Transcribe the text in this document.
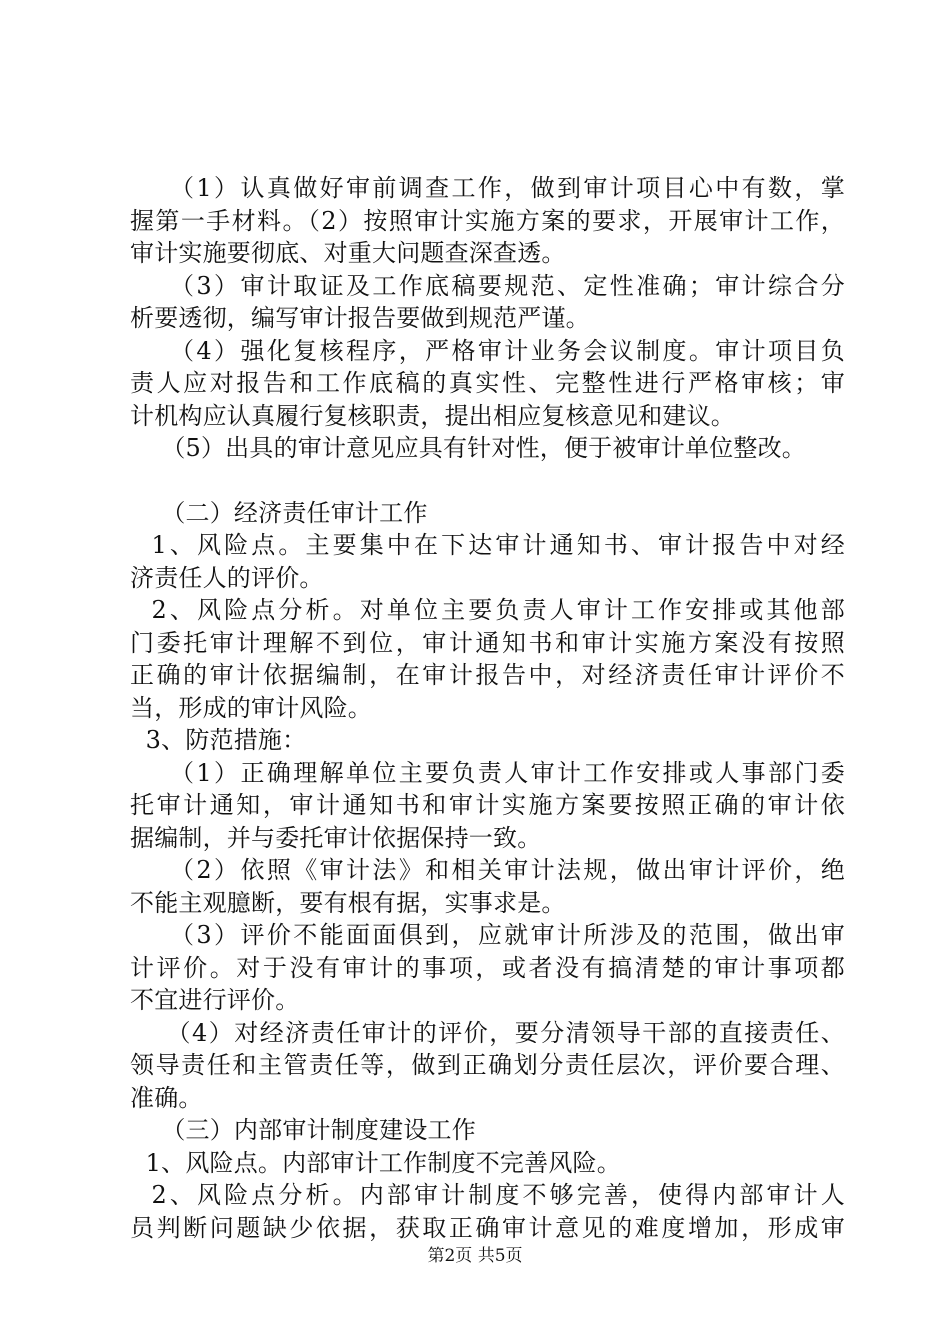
（1）认真做好审前调查工作，做到审计项目心中有数，掌
握第一手材料。（2）按照审计实施方案的要求，开展审计工作，
审计实施要彻底、对重大问题查深查透。
（3）审计取证及工作底稿要规范、定性准确；审计综合分
析要透彻，编写审计报告要做到规范严谨。
（4）强化复核程序，严格审计业务会议制度。审计项目负
责人应对报告和工作底稿的真实性、完整性进行严格审核；审
计机构应认真履行复核职责，提出相应复核意见和建议。
（5）出具的审计意见应具有针对性，便于被审计单位整改。
（二）经济责任审计工作
1、风险点。主要集中在下达审计通知书、审计报告中对经
济责任人的评价。
2、风险点分析。对单位主要负责人审计工作安排或其他部
门委托审计理解不到位，审计通知书和审计实施方案没有按照
正确的审计依据编制，在审计报告中，对经济责任审计评价不
当，形成的审计风险。
3、防范措施：
（1）正确理解单位主要负责人审计工作安排或人事部门委
托审计通知，审计通知书和审计实施方案要按照正确的审计依
据编制，并与委托审计依据保持一致。
（2）依照《审计法》和相关审计法规，做出审计评价，绝
不能主观臆断，要有根有据，实事求是。
（3）评价不能面面俱到，应就审计所涉及的范围，做出审
计评价。对于没有审计的事项，或者没有搞清楚的审计事项都
不宜进行评价。
（4）对经济责任审计的评价，要分清领导干部的直接责任、
领导责任和主管责任等，做到正确划分责任层次，评价要合理、
准确。
（三）内部审计制度建设工作
1、风险点。内部审计工作制度不完善风险。
2、风险点分析。内部审计制度不够完善，使得内部审计人
员判断问题缺少依据，获取正确审计意见的难度增加，形成审
第2页 共5页
